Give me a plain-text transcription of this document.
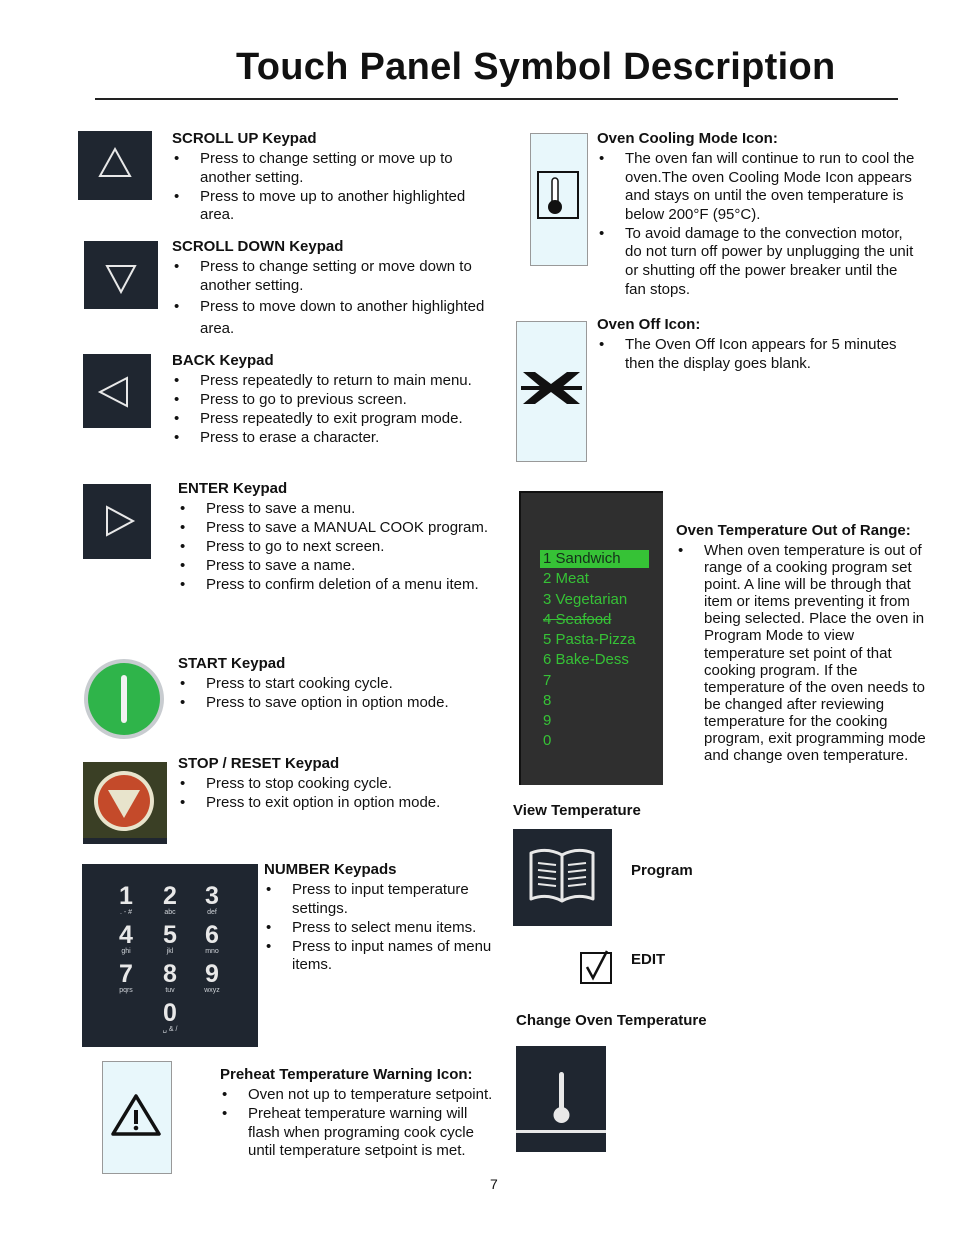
Touch Panel Symbol Description
SCROLL UP Keypad
• Press to change setting or move up to another setting.
• Press to move up to another highlighted area.
SCROLL DOWN Keypad
• Press to change setting or move down to another setting.
• Press to move down to another highlighted area.
BACK Keypad
• Press repeatedly to return to main menu.
• Press to go to previous screen.
• Press repeatedly to exit program mode.
• Press to erase a character.
ENTER Keypad
• Press to save a menu.
• Press to save a MANUAL COOK program.
• Press to go to next screen.
• Press to save a name.
• Press to confirm deletion of a menu item.
START Keypad
• Press to start cooking cycle.
• Press to save option in option mode.
STOP / RESET Keypad
• Press to stop cooking cycle.
• Press to exit option in option mode.
1
. - #
2
abc
3
def
4
ghi
5
jkl
6
mno
7
pqrs
8
tuv
9
wxyz
0
␣ & /
NUMBER Keypads
• Press to input temperature settings.
• Press to select menu items.
• Press to input names of menu items.
Preheat Temperature Warning Icon:
• Oven not up to temperature setpoint.
• Preheat temperature warning will flash when programing cook cycle until temperature setpoint is met.
7
Oven Cooling Mode Icon:
• The oven fan will continue to run to cool the oven.The oven Cooling Mode Icon appears and stays on until the oven temperature is below 200°F (95°C).
• To avoid damage to the convection motor, do not turn off power by unplugging the unit or shutting off the power breaker until the fan stops.
Oven Off Icon:
• The Oven Off Icon appears for 5 minutes then the display goes blank.
1 Sandwich
2 Meat
3 Vegetarian
4 Seafood
5 Pasta-Pizza
6 Bake-Dess
7
8
9
0
Oven Temperature Out of Range:
• When oven temperature is out of range of a cooking program set point. A line will be through that item or items preventing it from being selected. Place the oven in Program Mode to view temperature set point of that cooking program. If the temperature of the oven needs to be changed after reviewing temperature for the cooking program, exit programming mode and change oven temperature.
View Temperature
Program
EDIT
Change Oven Temperature
